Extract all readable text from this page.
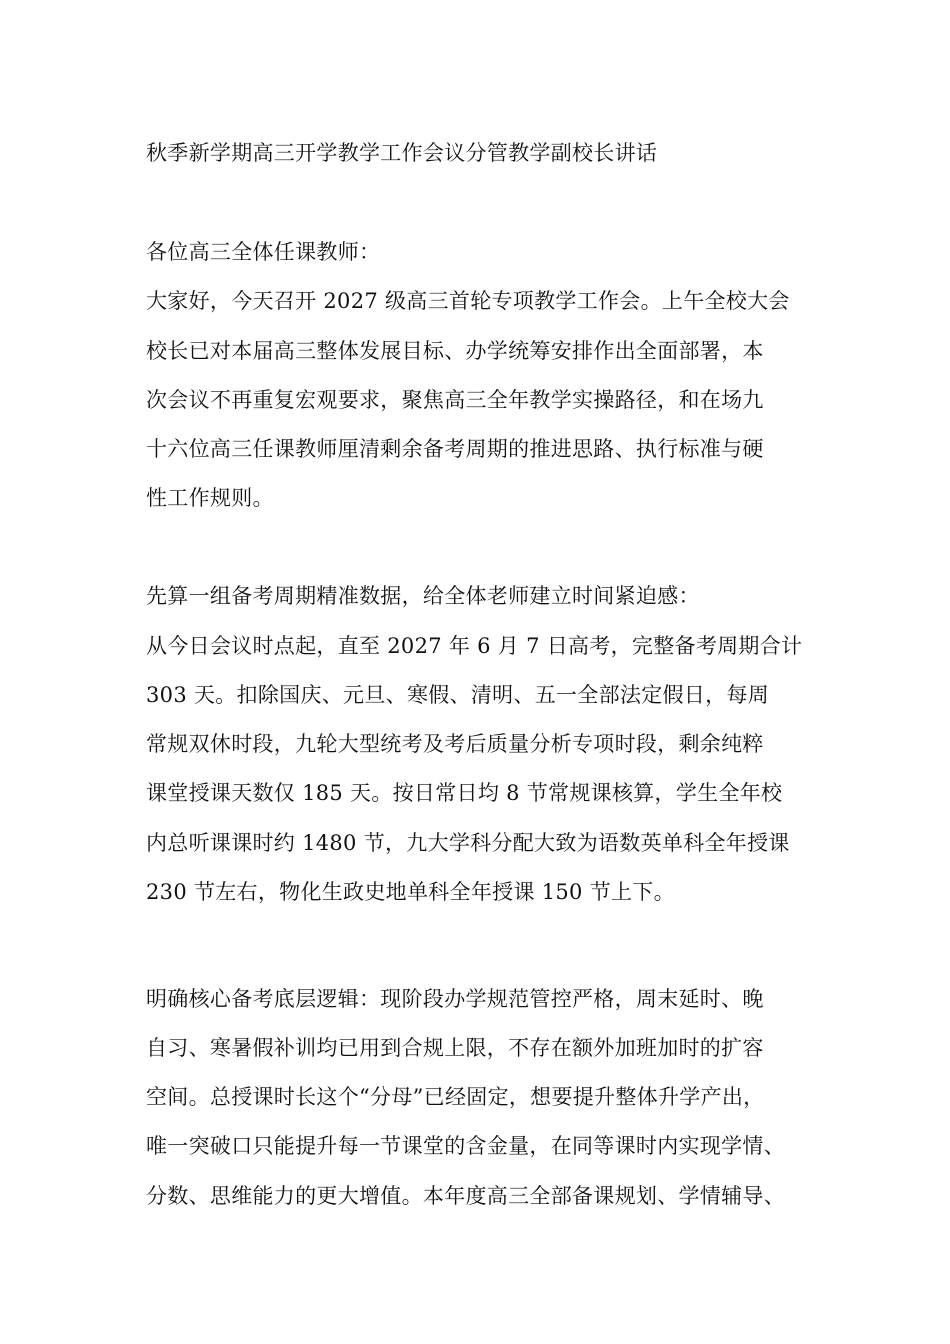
秋季新学期高三开学教学工作会议分管教学副校长讲话
各位高三全体任课教师：
大家好，今天召开 2027 级高三首轮专项教学工作会。上午全校大会
校长已对本届高三整体发展目标、办学统筹安排作出全面部署，本
次会议不再重复宏观要求，聚焦高三全年教学实操路径，和在场九
十六位高三任课教师厘清剩余备考周期的推进思路、执行标准与硬
性工作规则。
先算一组备考周期精准数据，给全体老师建立时间紧迫感：
从今日会议时点起，直至 2027 年 6 月 7 日高考，完整备考周期合计
303 天。扣除国庆、元旦、寒假、清明、五一全部法定假日，每周
常规双休时段，九轮大型统考及考后质量分析专项时段，剩余纯粹
课堂授课天数仅 185 天。按日常日均 8 节常规课核算，学生全年校
内总听课课时约 1480 节，九大学科分配大致为语数英单科全年授课
230 节左右，物化生政史地单科全年授课 150 节上下。
明确核心备考底层逻辑：现阶段办学规范管控严格，周末延时、晚
自习、寒暑假补训均已用到合规上限，不存在额外加班加时的扩容
空间。总授课时长这个“分母”已经固定，想要提升整体升学产出，
唯一突破口只能提升每一节课堂的含金量，在同等课时内实现学情、
分数、思维能力的更大增值。本年度高三全部备课规划、学情辅导、
